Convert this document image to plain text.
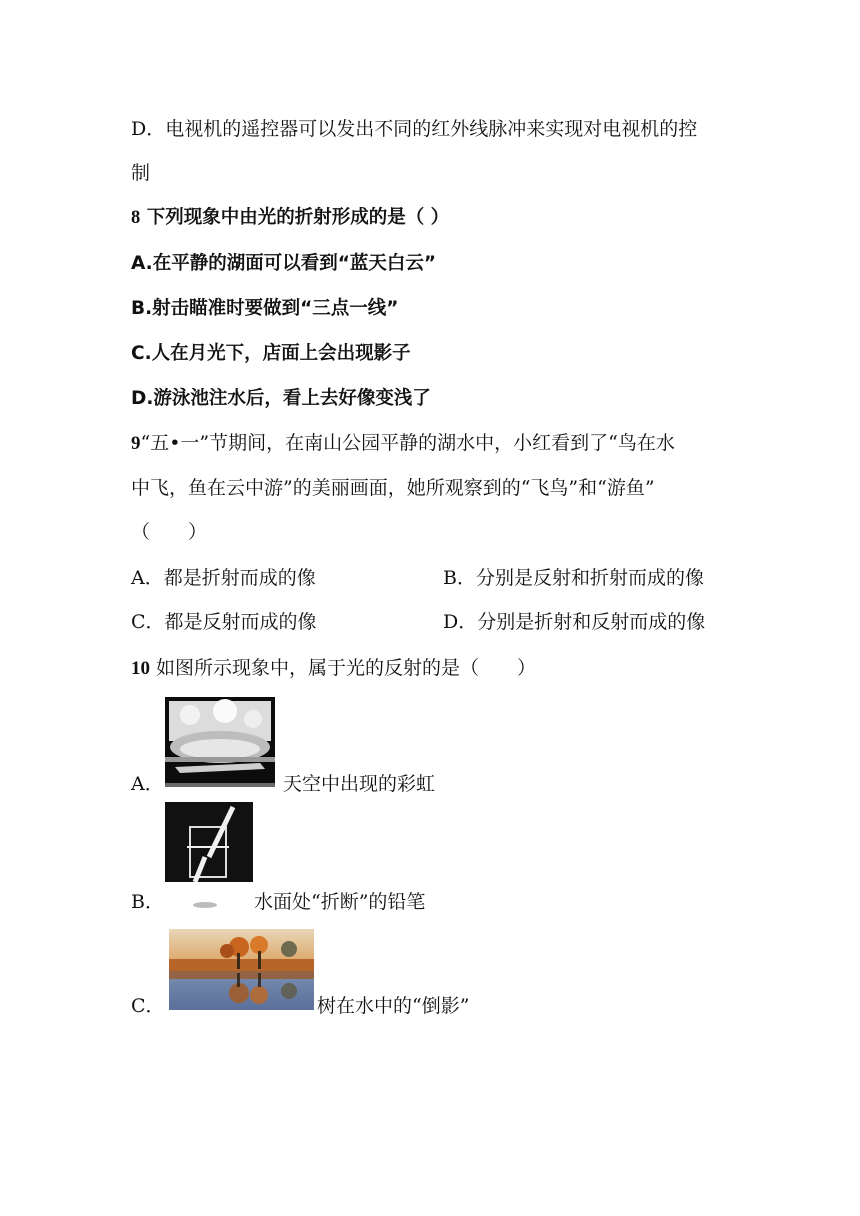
D．电视机的遥控器可以发出不同的红外线脉冲来实现对电视机的控
制
8 下列现象中由光的折射形成的是（ ）
A.在平静的湖面可以看到“蓝天白云”
B.射击瞄准时要做到“三点一线”
C.人在月光下，店面上会出现影子
D.游泳池注水后，看上去好像变浅了
9“五•一”节期间，在南山公园平静的湖水中，小红看到了“鸟在水
中飞，鱼在云中游”的美丽画面，她所观察到的“飞鸟”和“游鱼”
（　　）
A．都是折射而成的像	B．分别是反射和折射而成的像
C．都是反射而成的像	D．分别是折射和反射而成的像
10 如图所示现象中，属于光的反射的是（　　）
A．	天空中出现的彩虹
B．	水面处“折断”的铅笔
C．	树在水中的“倒影”
